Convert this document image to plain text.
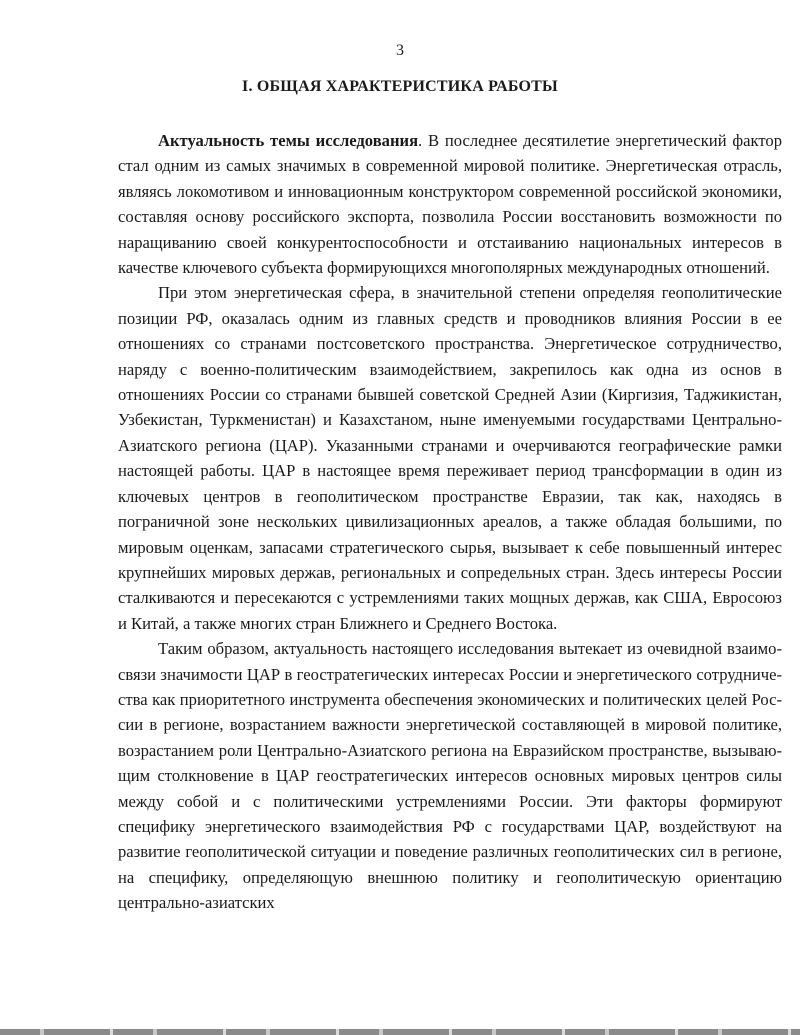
3
I. ОБЩАЯ ХАРАКТЕРИСТИКА РАБОТЫ

Актуальность темы исследования. В последнее десятилетие энергетический фактор стал одним из самых значимых в современной мировой политике. Энергетическая отрасль, являясь локомотивом и инновационным конструктором современной российской экономики, составляя основу российского экспорта, позволила России восстановить возможности по наращиванию своей конкурентоспособности и отстаиванию национальных интересов в качестве ключевого субъекта формирующихся многополярных международных отношений.

При этом энергетическая сфера, в значительной степени определяя геополитические позиции РФ, оказалась одним из главных средств и проводников влияния России в ее отношениях со странами постсоветского пространства. Энергетическое сотрудничество, наряду с военно-политическим взаимодействием, закрепилось как одна из основ в отношениях России со странами бывшей советской Средней Азии (Киргизия, Таджикистан, Узбекистан, Туркменистан) и Казахстаном, ныне именуемыми государствами Центрально-Азиатского региона (ЦАР). Указанными странами и очерчиваются географические рамки настоящей работы. ЦАР в настоящее время переживает период трансформации в один из ключевых центров в геополитическом пространстве Евразии, так как, находясь в пограничной зоне нескольких цивилизационных ареалов, а также обладая большими, по мировым оценкам, запасами стратегического сырья, вызывает к себе повышенный интерес крупнейших мировых держав, региональных и сопредельных стран. Здесь интересы России сталкиваются и пересекаются с устремлениями таких мощных держав, как США, Евросоюз и Китай, а также многих стран Ближнего и Среднего Востока.

Таким образом, актуальность настоящего исследования вытекает из очевидной взаимосвязи значимости ЦАР в геостратегических интересах России и энергетического сотрудничества как приоритетного инструмента обеспечения экономических и политических целей России в регионе, возрастанием важности энергетической составляющей в мировой политике, возрастанием роли Центрально-Азиатского региона на Евразийском пространстве, вызывающим столкновение в ЦАР геостратегических интересов основных мировых центров силы между собой и с политическими устремлениями России. Эти факторы формируют специфику энергетического взаимодействия РФ с государствами ЦАР, воздействуют на развитие геополитической ситуации и поведение различных геополитических сил в регионе, на специфику, определяющую внешнюю политику и геополитическую ориентацию центрально-азиатских
